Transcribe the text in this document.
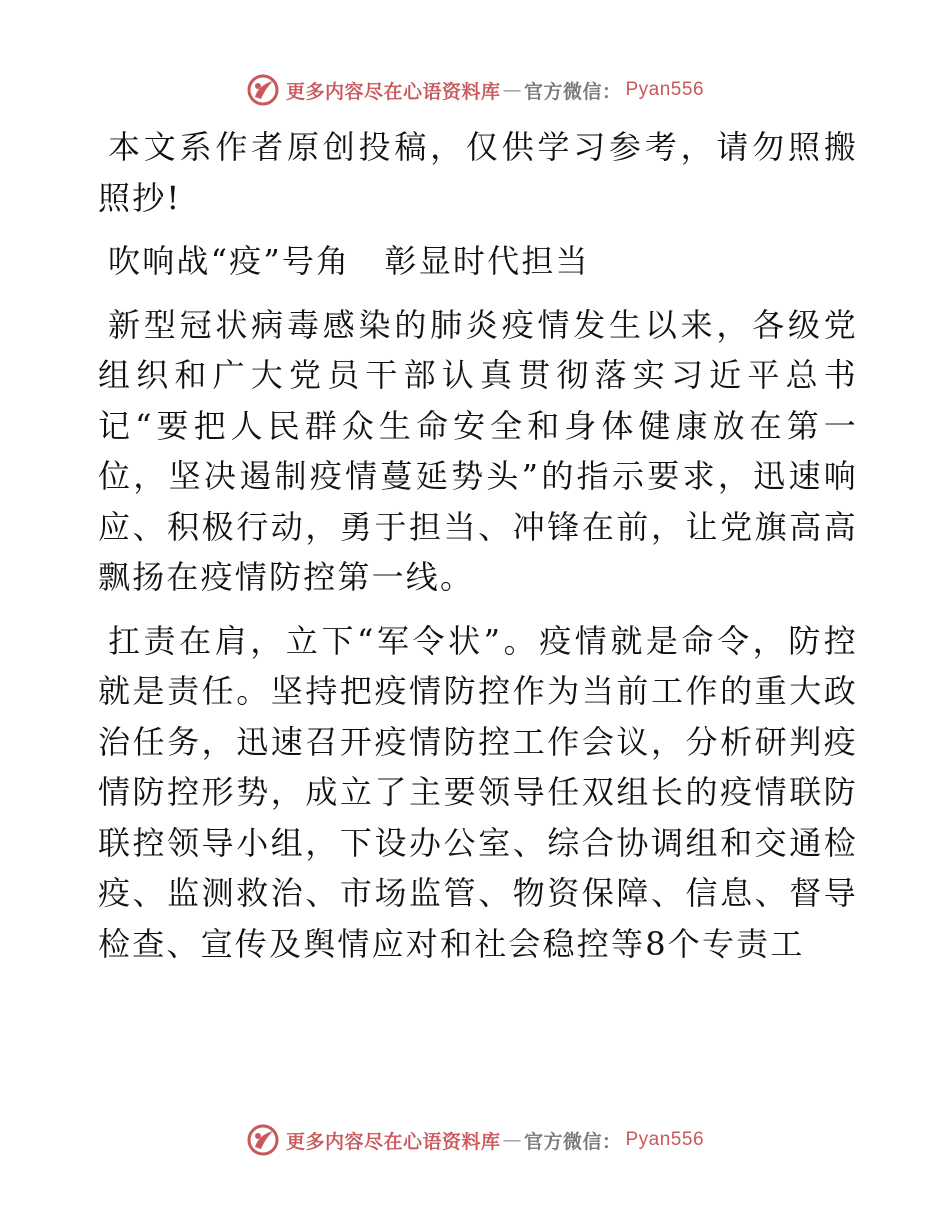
更多内容尽在心语资料库 — 官方微信： Pyan556

本文系作者原创投稿，仅供学习参考，请勿照搬照抄!

吹响战“疫”号角　彰显时代担当

新型冠状病毒感染的肺炎疫情发生以来，各级党组织和广大党员干部认真贯彻落实习近平总书记“要把人民群众生命安全和身体健康放在第一位，坚决遏制疫情蔓延势头”的指示要求，迅速响应、积极行动，勇于担当、冲锋在前，让党旗高高飘扬在疫情防控第一线。

扛责在肩，立下“军令状”。疫情就是命令，防控就是责任。坚持把疫情防控作为当前工作的重大政治任务，迅速召开疫情防控工作会议，分析研判疫情防控形势，成立了主要领导任双组长的疫情联防联控领导小组，下设办公室、综合协调组和交通检疫、监测救治、市场监管、物资保障、信息、督导检查、宣传及舆情应对和社会稳控等8个专责工

更多内容尽在心语资料库 — 官方微信： Pyan556
